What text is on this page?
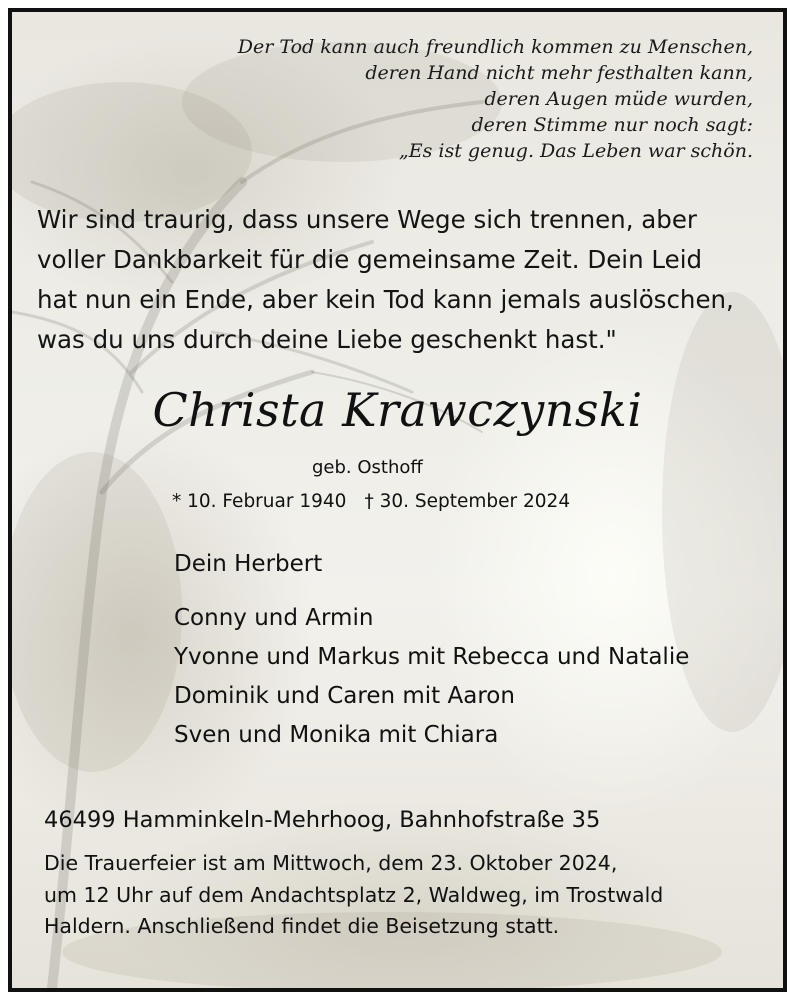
Der Tod kann auch freundlich kommen zu Menschen,
deren Hand nicht mehr festhalten kann,
deren Augen müde wurden,
deren Stimme nur noch sagt:
„Es ist genug. Das Leben war schön.
Wir sind traurig, dass unsere Wege sich trennen, aber
voller Dankbarkeit für die gemeinsame Zeit. Dein Leid
hat nun ein Ende, aber kein Tod kann jemals auslöschen,
was du uns durch deine Liebe geschenkt hast."
Christa Krawczynski
geb. Osthoff
* 10. Februar 1940 † 30. September 2024
Dein Herbert
Conny und Armin
Yvonne und Markus mit Rebecca und Natalie
Dominik und Caren mit Aaron
Sven und Monika mit Chiara
46499 Hamminkeln-Mehrhoog, Bahnhofstraße 35
Die Trauerfeier ist am Mittwoch, dem 23. Oktober 2024,
um 12 Uhr auf dem Andachtsplatz 2, Waldweg, im Trostwald
Haldern. Anschließend findet die Beisetzung statt.
